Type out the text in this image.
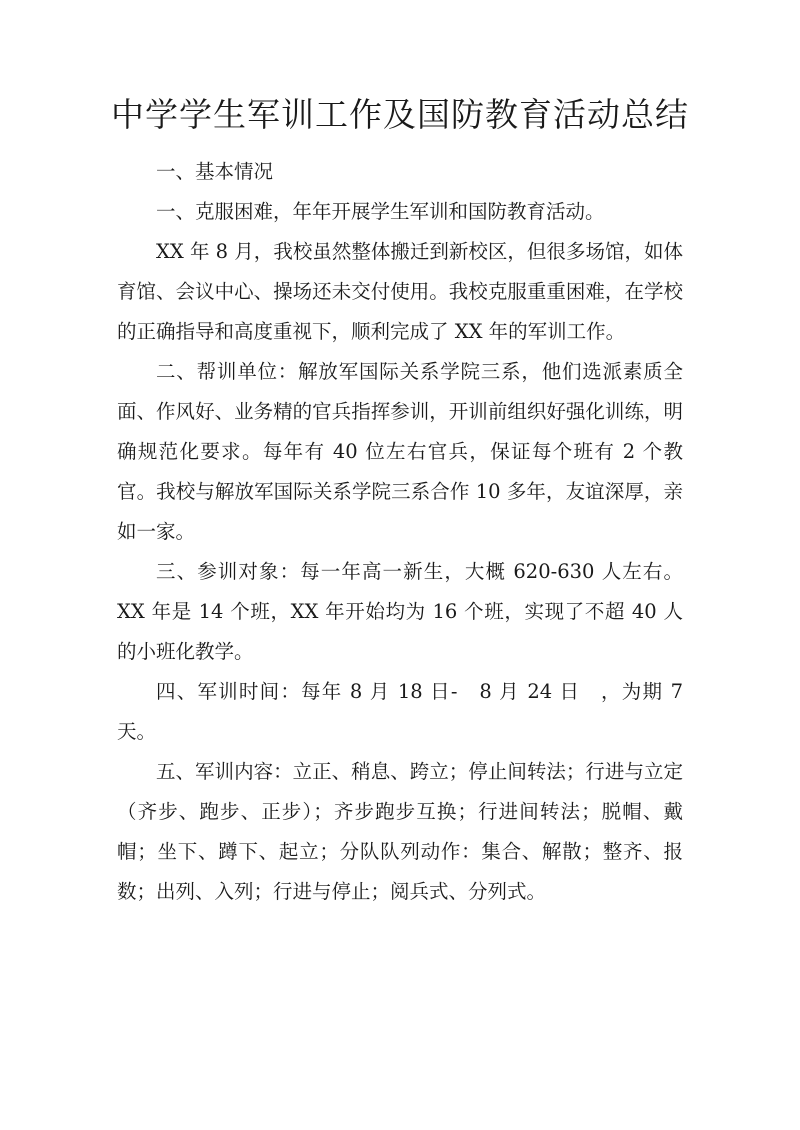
中学学生军训工作及国防教育活动总结

一、基本情况

一、克服困难，年年开展学生军训和国防教育活动。

XX 年 8 月，我校虽然整体搬迁到新校区，但很多场馆，如体育馆、会议中心、操场还未交付使用。我校克服重重困难，在学校的正确指导和高度重视下，顺利完成了 XX 年的军训工作。

二、帮训单位：解放军国际关系学院三系，他们选派素质全面、作风好、业务精的官兵指挥参训，开训前组织好强化训练，明确规范化要求。每年有 40 位左右官兵，保证每个班有 2 个教官。我校与解放军国际关系学院三系合作 10 多年，友谊深厚，亲如一家。

三、参训对象：每一年高一新生，大概 620-630 人左右。XX 年是 14 个班，XX 年开始均为 16 个班，实现了不超 40 人的小班化教学。

四、军训时间：每年 8 月 18 日-　8 月 24 日　，为期 7 天。

五、军训内容：立正、稍息、跨立；停止间转法；行进与立定（齐步、跑步、正步）；齐步跑步互换；行进间转法；脱帽、戴帽；坐下、蹲下、起立；分队队列动作：集合、解散；整齐、报数；出列、入列；行进与停止；阅兵式、分列式。
